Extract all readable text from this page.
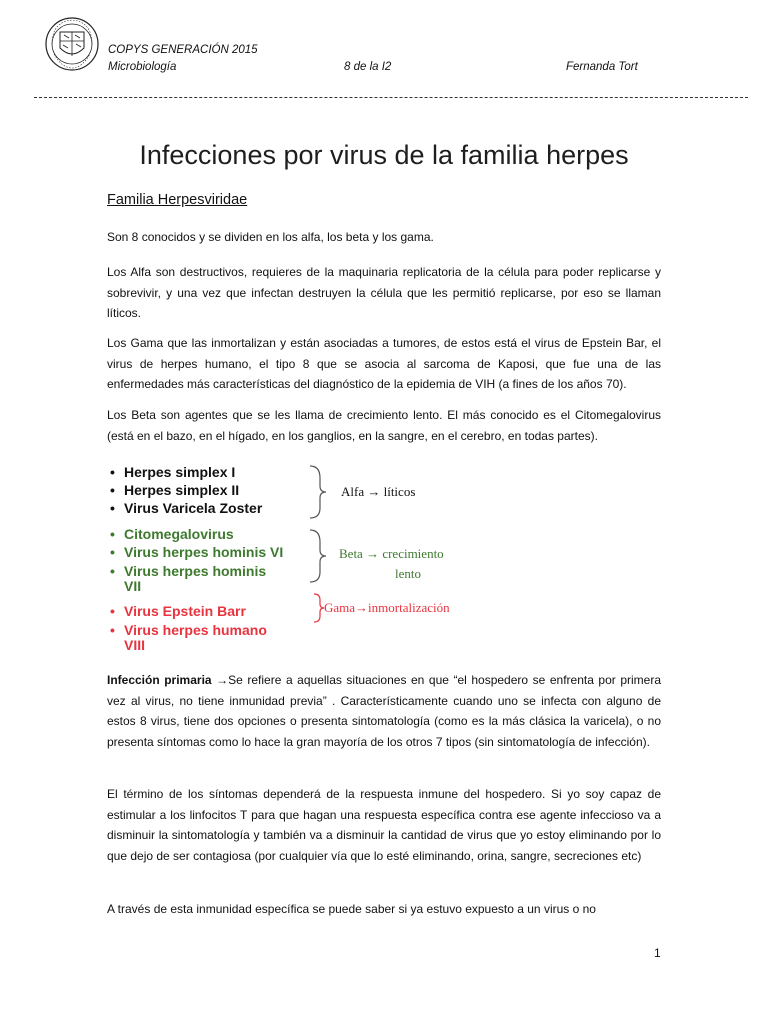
COPYS GENERACIÓN 2015
Microbiología	8 de la I2	Fernanda Tort
Infecciones por virus de la familia herpes
Familia Herpesviridae
Son 8 conocidos y se dividen en los alfa, los beta y los gama.
Los Alfa son destructivos, requieres de la maquinaria replicatoria de la célula para poder replicarse y sobrevivir, y una vez que infectan destruyen la célula que les permitió replicarse, por eso se llaman líticos.
Los Gama que las inmortalizan y están asociadas a tumores, de estos está el virus de Epstein Bar, el virus de herpes humano, el tipo 8 que se asocia al sarcoma de Kaposi, que fue una de las enfermedades más características del diagnóstico de la epidemia de VIH (a fines de los años 70).
Los Beta son agentes que se les llama de crecimiento lento. El más conocido es el Citomegalovirus (está en el bazo, en el hígado, en los ganglios, en la sangre, en el cerebro, en todas partes).
• Herpes simplex I
• Herpes simplex II
• Virus Varicela Zoster
• Citomegalovirus
• Virus herpes hominis VI
• Virus herpes hominis
VII
• Virus Epstein Barr
• Virus herpes humano
VIII
Alfa → líticos
Beta → crecimiento
lento
Gama→inmortalización
Infección primaria →Se refiere a aquellas situaciones en que “el hospedero se enfrenta por primera vez al virus, no tiene inmunidad previa” . Característicamente cuando uno se infecta con alguno de estos 8 virus, tiene dos opciones o presenta sintomatología (como es la más clásica la varicela), o no presenta síntomas como lo hace la gran mayoría de los otros 7 tipos (sin sintomatología de infección).
El término de los síntomas dependerá de la respuesta inmune del hospedero. Si yo soy capaz de estimular a los linfocitos T para que hagan una respuesta específica contra ese agente infeccioso va a disminuir la sintomatología y también va a disminuir la cantidad de virus que yo estoy eliminando por lo que dejo de ser contagiosa (por cualquier vía que lo esté eliminando, orina, sangre, secreciones etc)
A través de esta inmunidad específica se puede saber si ya estuvo expuesto a un virus o no
1
